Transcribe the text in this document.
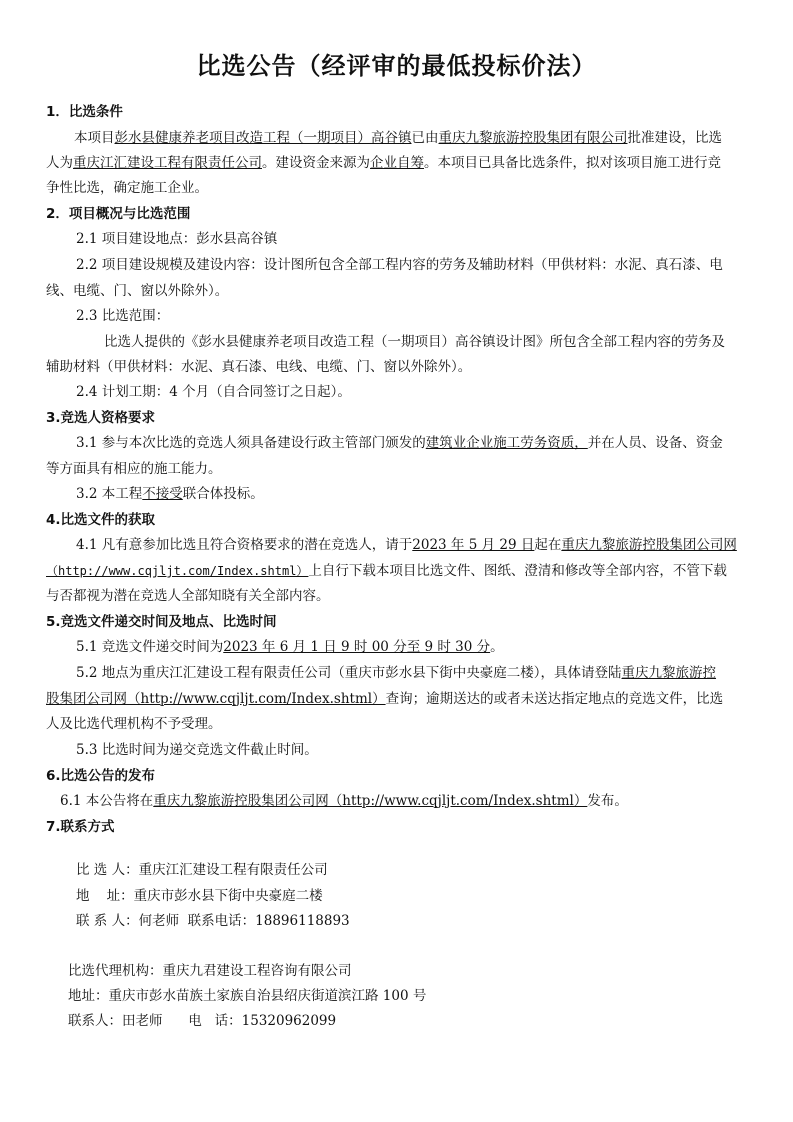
比选公告（经评审的最低投标价法）
1．比选条件
本项目彭水县健康养老项目改造工程（一期项目）高谷镇已由重庆九黎旅游控股集团有限公司批准建设，比选
人为重庆江汇建设工程有限责任公司。建设资金来源为企业自筹。本项目已具备比选条件，拟对该项目施工进行竞
争性比选，确定施工企业。
2．项目概况与比选范围
2.1 项目建设地点：彭水县高谷镇
2.2 项目建设规模及建设内容：设计图所包含全部工程内容的劳务及辅助材料（甲供材料：水泥、真石漆、电
线、电缆、门、窗以外除外）。
2.3 比选范围：
比选人提供的《彭水县健康养老项目改造工程（一期项目）高谷镇设计图》所包含全部工程内容的劳务及
辅助材料（甲供材料：水泥、真石漆、电线、电缆、门、窗以外除外）。
2.4 计划工期：4 个月（自合同签订之日起）。
3.竞选人资格要求
3.1 参与本次比选的竞选人须具备建设行政主管部门颁发的建筑业企业施工劳务资质，并在人员、设备、资金
等方面具有相应的施工能力。
3.2 本工程不接受联合体投标。
4.比选文件的获取
4.1 凡有意参加比选且符合资格要求的潜在竞选人，请于2023 年 5 月 29 日起在重庆九黎旅游控股集团公司网
（http://www.cqjljt.com/Index.shtml）上自行下载本项目比选文件、图纸、澄清和修改等全部内容，不管下载
与否都视为潜在竞选人全部知晓有关全部内容。
5.竞选文件递交时间及地点、比选时间
5.1 竞选文件递交时间为2023 年 6 月 1 日 9 时 00 分至 9 时 30 分。
5.2 地点为重庆江汇建设工程有限责任公司（重庆市彭水县下街中央豪庭二楼），具体请登陆重庆九黎旅游控
股集团公司网（http://www.cqjljt.com/Index.shtml）查询；逾期送达的或者未送达指定地点的竞选文件，比选
人及比选代理机构不予受理。
5.3 比选时间为递交竞选文件截止时间。
6.比选公告的发布
6.1 本公告将在重庆九黎旅游控股集团公司网（http://www.cqjljt.com/Index.shtml）发布。
7.联系方式
比 选 人：重庆江汇建设工程有限责任公司
地    址：重庆市彭水县下街中央豪庭二楼
联 系 人：何老师  联系电话：18896118893
比选代理机构：重庆九君建设工程咨询有限公司
地址：重庆市彭水苗族土家族自治县绍庆街道滨江路 100 号
联系人：田老师      电   话：15320962099
